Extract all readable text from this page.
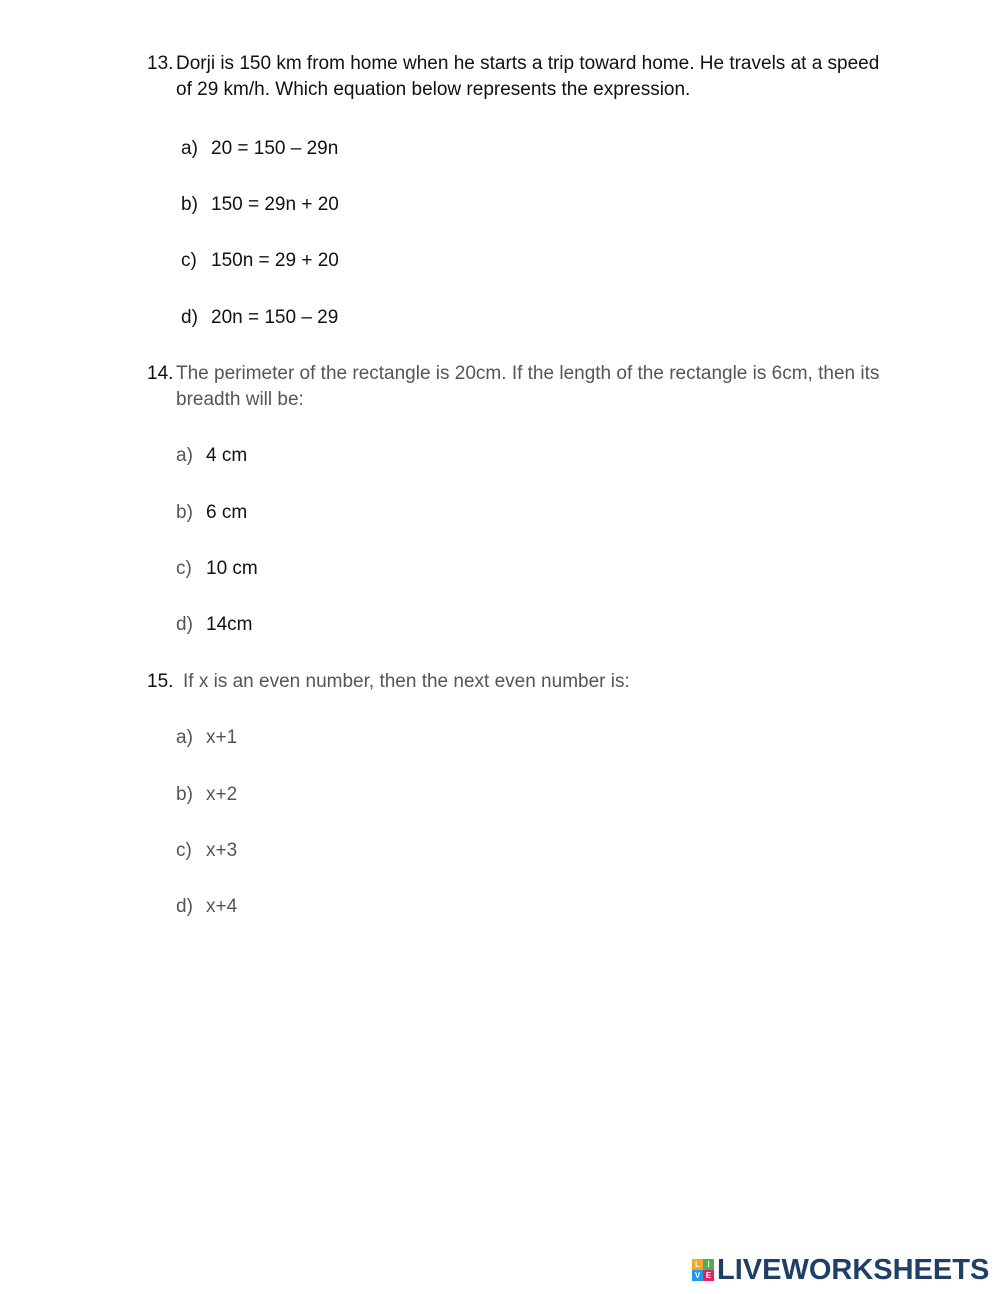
13. Dorji is 150 km from home when he starts a trip toward home. He travels at a speed of 29 km/h. Which equation below represents the expression.
a) 20 = 150 – 29n
b) 150 = 29n + 20
c) 150n = 29 + 20
d) 20n = 150 – 29
14. The perimeter of the rectangle is 20cm. If the length of the rectangle is 6cm, then its breadth will be:
a) 4 cm
b) 6 cm
c) 10 cm
d) 14cm
15. If x is an even number, then the next even number is:
a) x+1
b) x+2
c) x+3
d) x+4
L I
V E LIVEWORKSHEETS
